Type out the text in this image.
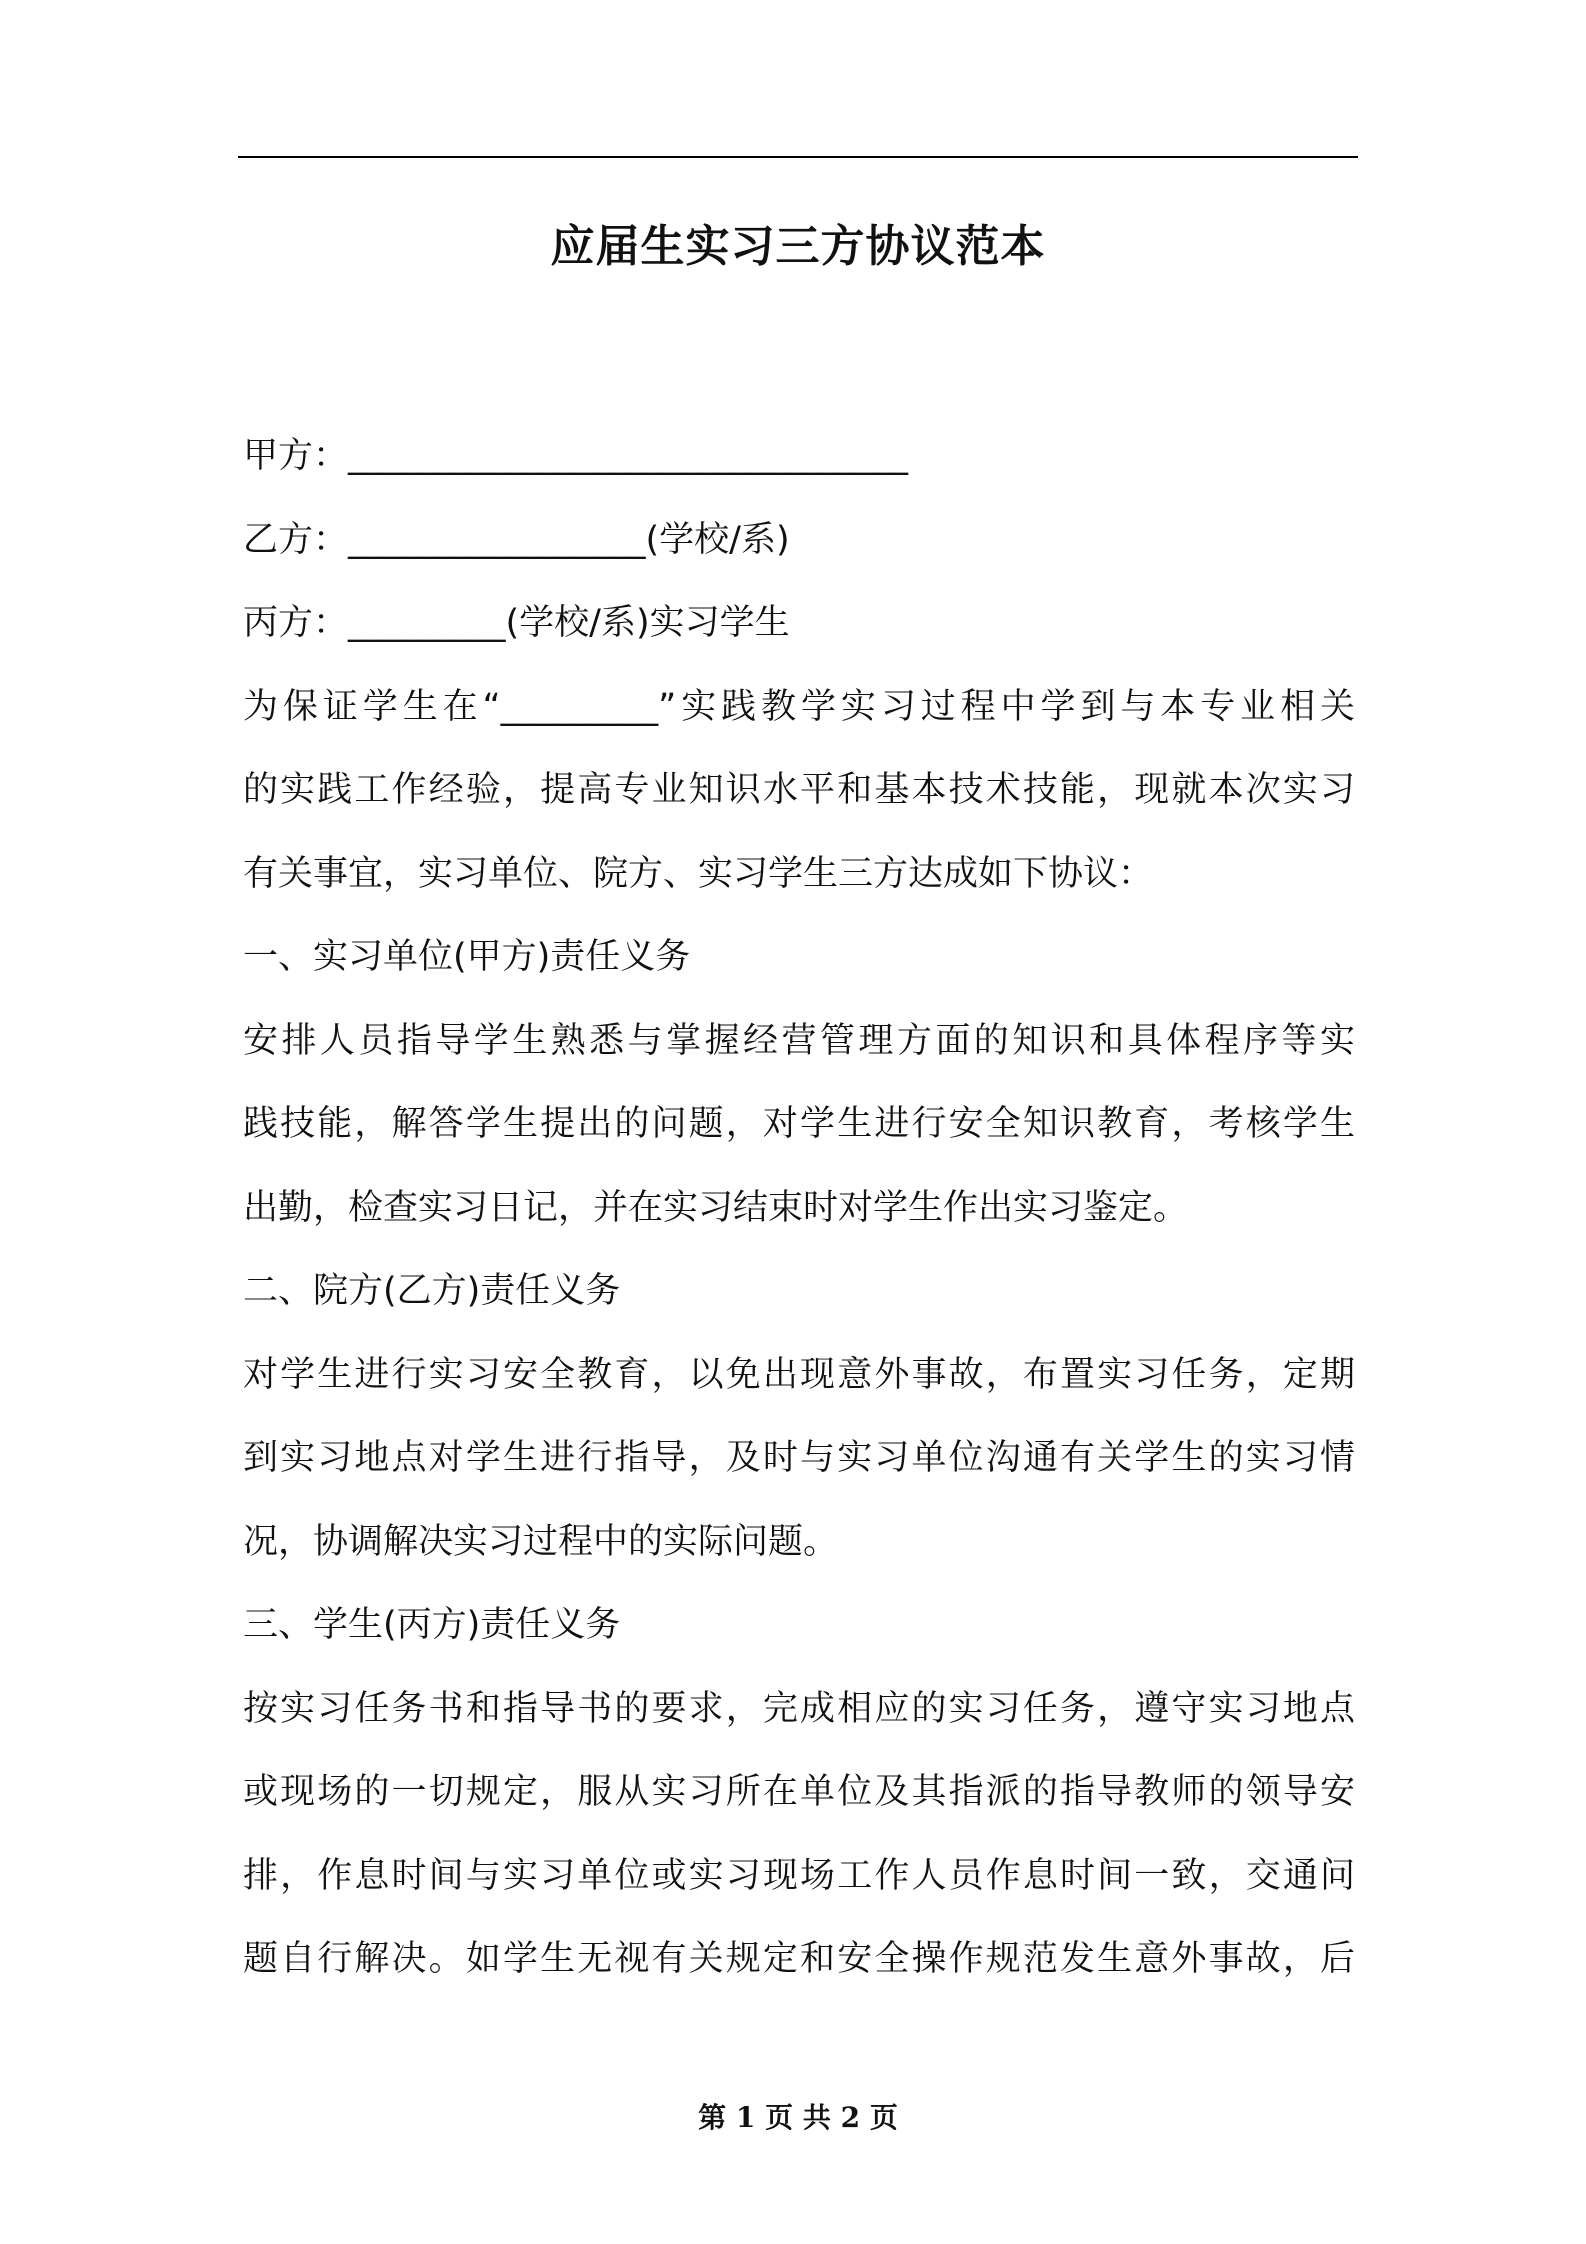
应届生实习三方协议范本
甲方：________________________________
乙方：_________________(学校/系)
丙方：_________(学校/系)实习学生
为保证学生在“_________”实践教学实习过程中学到与本专业相关
的实践工作经验，提高专业知识水平和基本技术技能，现就本次实习
有关事宜，实习单位、院方、实习学生三方达成如下协议：
一、实习单位(甲方)责任义务
安排人员指导学生熟悉与掌握经营管理方面的知识和具体程序等实
践技能，解答学生提出的问题，对学生进行安全知识教育，考核学生
出勤，检查实习日记，并在实习结束时对学生作出实习鉴定。
二、院方(乙方)责任义务
对学生进行实习安全教育，以免出现意外事故，布置实习任务，定期
到实习地点对学生进行指导，及时与实习单位沟通有关学生的实习情
况，协调解决实习过程中的实际问题。
三、学生(丙方)责任义务
按实习任务书和指导书的要求，完成相应的实习任务，遵守实习地点
或现场的一切规定，服从实习所在单位及其指派的指导教师的领导安
排，作息时间与实习单位或实习现场工作人员作息时间一致，交通问
题自行解决。如学生无视有关规定和安全操作规范发生意外事故，后
第 1 页 共 2 页
